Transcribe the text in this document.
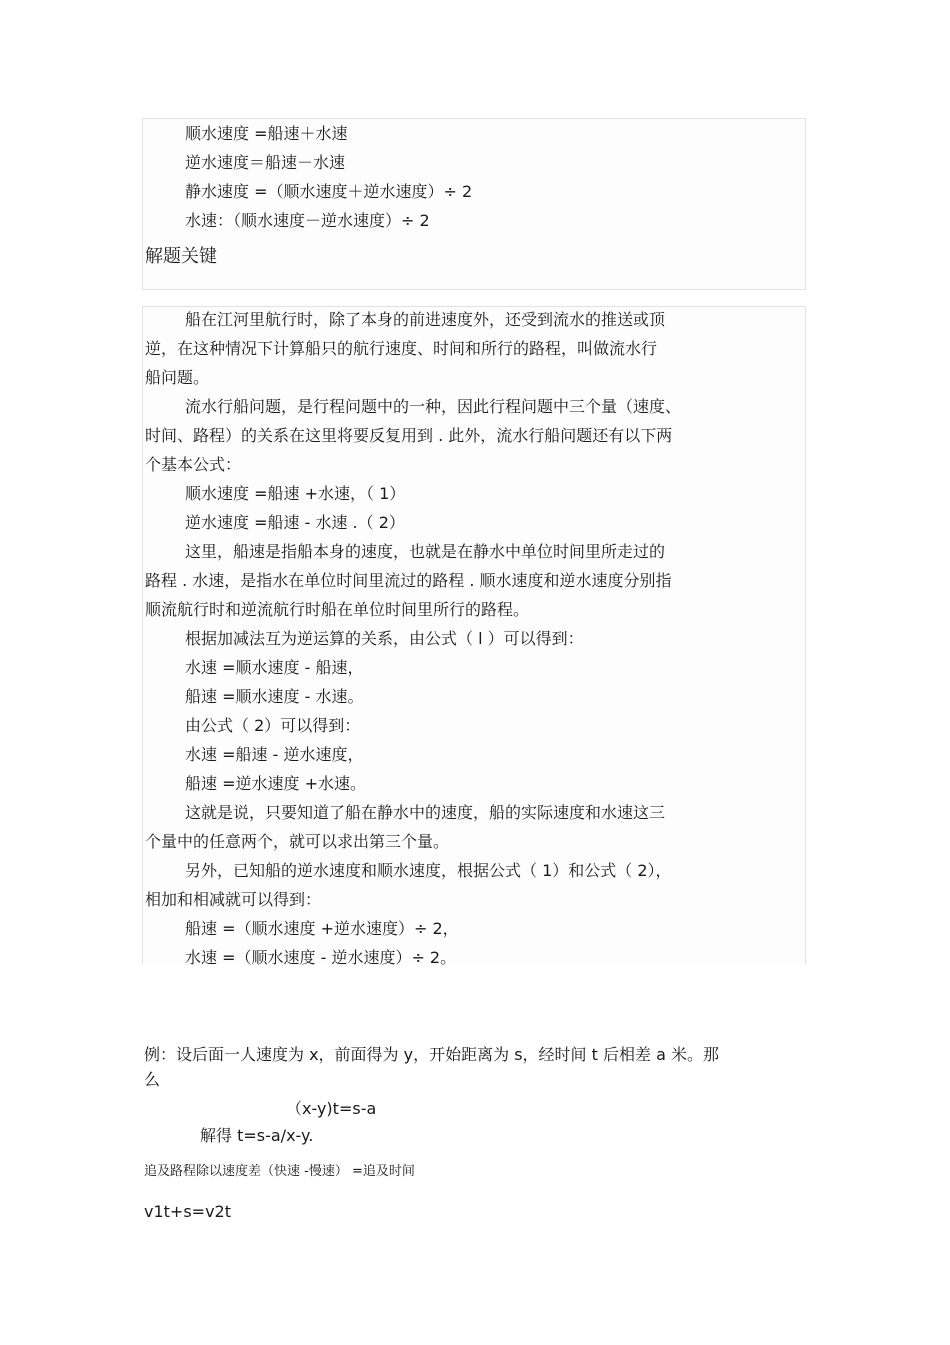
顺水速度 =船速＋水速
逆水速度＝船速－水速
静水速度 =（顺水速度＋逆水速度）÷ 2
水速：（顺水速度－逆水速度）÷ 2
解题关键
船在江河里航行时，除了本身的前进速度外，还受到流水的推送或顶
逆，在这种情况下计算船只的航行速度、时间和所行的路程，叫做流水行
船问题。
流水行船问题，是行程问题中的一种，因此行程问题中三个量（速度、
时间、路程）的关系在这里将要反复用到 . 此外，流水行船问题还有以下两
个基本公式：
顺水速度 =船速 +水速，（ 1）
逆水速度 =船速 - 水速 .（ 2）
这里，船速是指船本身的速度，也就是在静水中单位时间里所走过的
路程 . 水速，是指水在单位时间里流过的路程 . 顺水速度和逆水速度分别指
顺流航行时和逆流航行时船在单位时间里所行的路程。
根据加减法互为逆运算的关系，由公式（ l ）可以得到：
水速 =顺水速度 - 船速，
船速 =顺水速度 - 水速。
由公式（ 2）可以得到：
水速 =船速 - 逆水速度，
船速 =逆水速度 +水速。
这就是说，只要知道了船在静水中的速度，船的实际速度和水速这三
个量中的任意两个，就可以求出第三个量。
另外，已知船的逆水速度和顺水速度，根据公式（ 1）和公式（ 2），
相加和相减就可以得到：
船速 =（顺水速度 +逆水速度）÷ 2，
水速 =（顺水速度 - 逆水速度）÷ 2。
例：设后面一人速度为 x，前面得为 y，开始距离为 s，经时间 t 后相差 a 米。那
么
（x-y)t=s-a
解得 t=s-a/x-y.
追及路程除以速度差（快速 -慢速） =追及时间
v1t+s=v2t
